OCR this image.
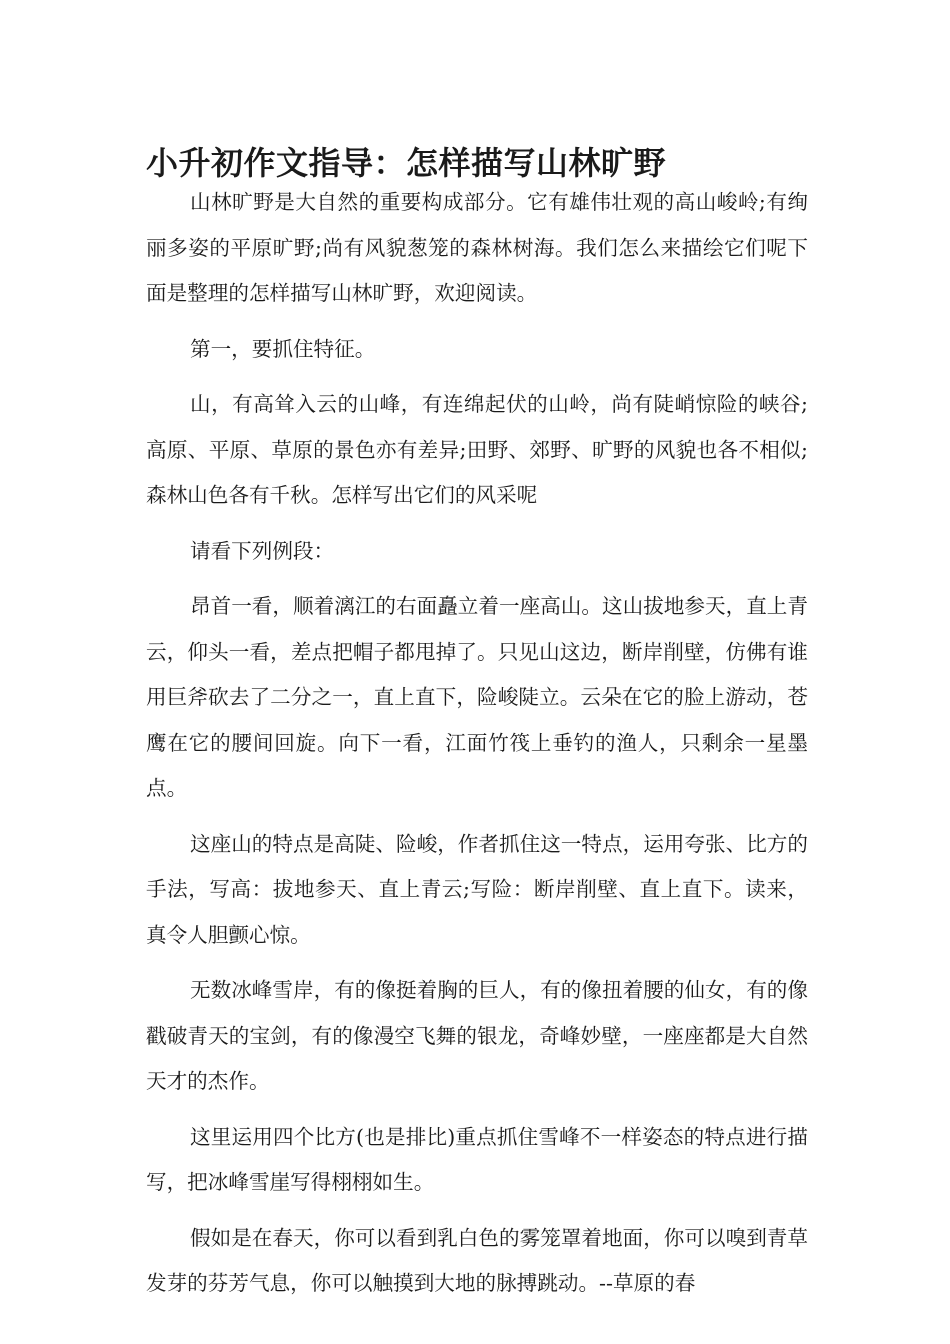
小升初作文指导：怎样描写山林旷野

山林旷野是大自然的重要构成部分。它有雄伟壮观的高山峻岭;有绚丽多姿的平原旷野;尚有风貌葱笼的森林树海。我们怎么来描绘它们呢下面是整理的怎样描写山林旷野，欢迎阅读。

第一，要抓住特征。

山，有高耸入云的山峰，有连绵起伏的山岭，尚有陡峭惊险的峡谷;高原、平原、草原的景色亦有差异;田野、郊野、旷野的风貌也各不相似;森林山色各有千秋。怎样写出它们的风采呢

请看下列例段：

昂首一看，顺着漓江的右面矗立着一座高山。这山拔地参天，直上青云，仰头一看，差点把帽子都甩掉了。只见山这边，断岸削壁，仿佛有谁用巨斧砍去了二分之一，直上直下，险峻陡立。云朵在它的脸上游动，苍鹰在它的腰间回旋。向下一看，江面竹筏上垂钓的渔人，只剩余一星墨点。

这座山的特点是高陡、险峻，作者抓住这一特点，运用夸张、比方的手法，写高：拔地参天、直上青云;写险：断岸削壁、直上直下。读来，真令人胆颤心惊。

无数冰峰雪岸，有的像挺着胸的巨人，有的像扭着腰的仙女，有的像戳破青天的宝剑，有的像漫空飞舞的银龙，奇峰妙壁，一座座都是大自然天才的杰作。

这里运用四个比方(也是排比)重点抓住雪峰不一样姿态的特点进行描写，把冰峰雪崖写得栩栩如生。

假如是在春天，你可以看到乳白色的雾笼罩着地面，你可以嗅到青草发芽的芬芳气息，你可以触摸到大地的脉搏跳动。--草原的春
